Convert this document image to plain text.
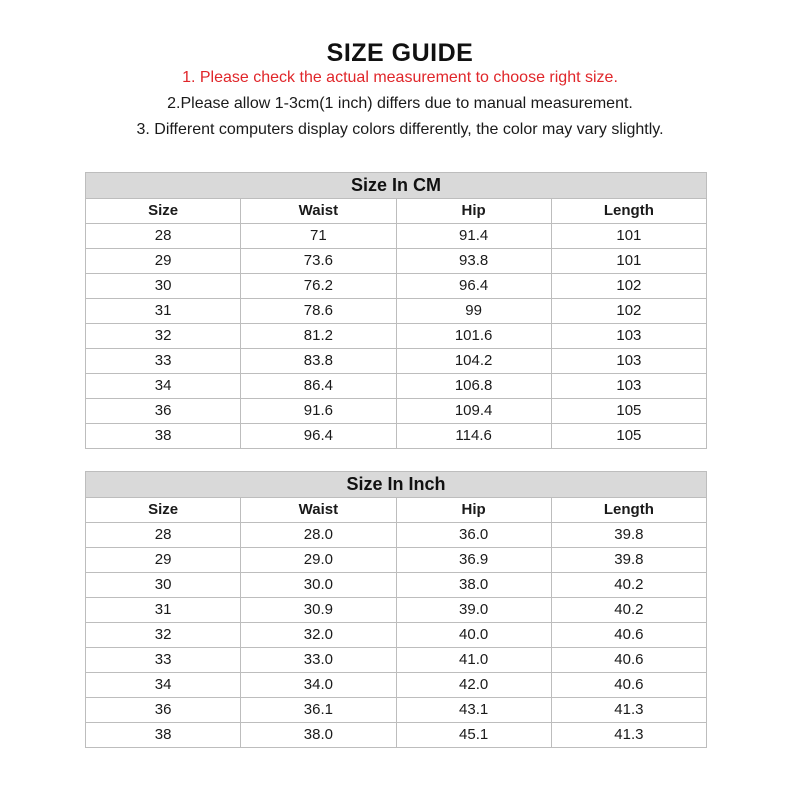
SIZE GUIDE
1. Please check the actual measurement to choose right size.
2.Please allow 1-3cm(1 inch) differs due to manual measurement.
3. Different computers display colors differently, the color may vary slightly.
Size In CM			
Size	Waist	Hip	Length
28	71	91.4	101
29	73.6	93.8	101
30	76.2	96.4	102
31	78.6	99	102
32	81.2	101.6	103
33	83.8	104.2	103
34	86.4	106.8	103
36	91.6	109.4	105
38	96.4	114.6	105
Size In Inch			
Size	Waist	Hip	Length
28	28.0	36.0	39.8
29	29.0	36.9	39.8
30	30.0	38.0	40.2
31	30.9	39.0	40.2
32	32.0	40.0	40.6
33	33.0	41.0	40.6
34	34.0	42.0	40.6
36	36.1	43.1	41.3
38	38.0	45.1	41.3
